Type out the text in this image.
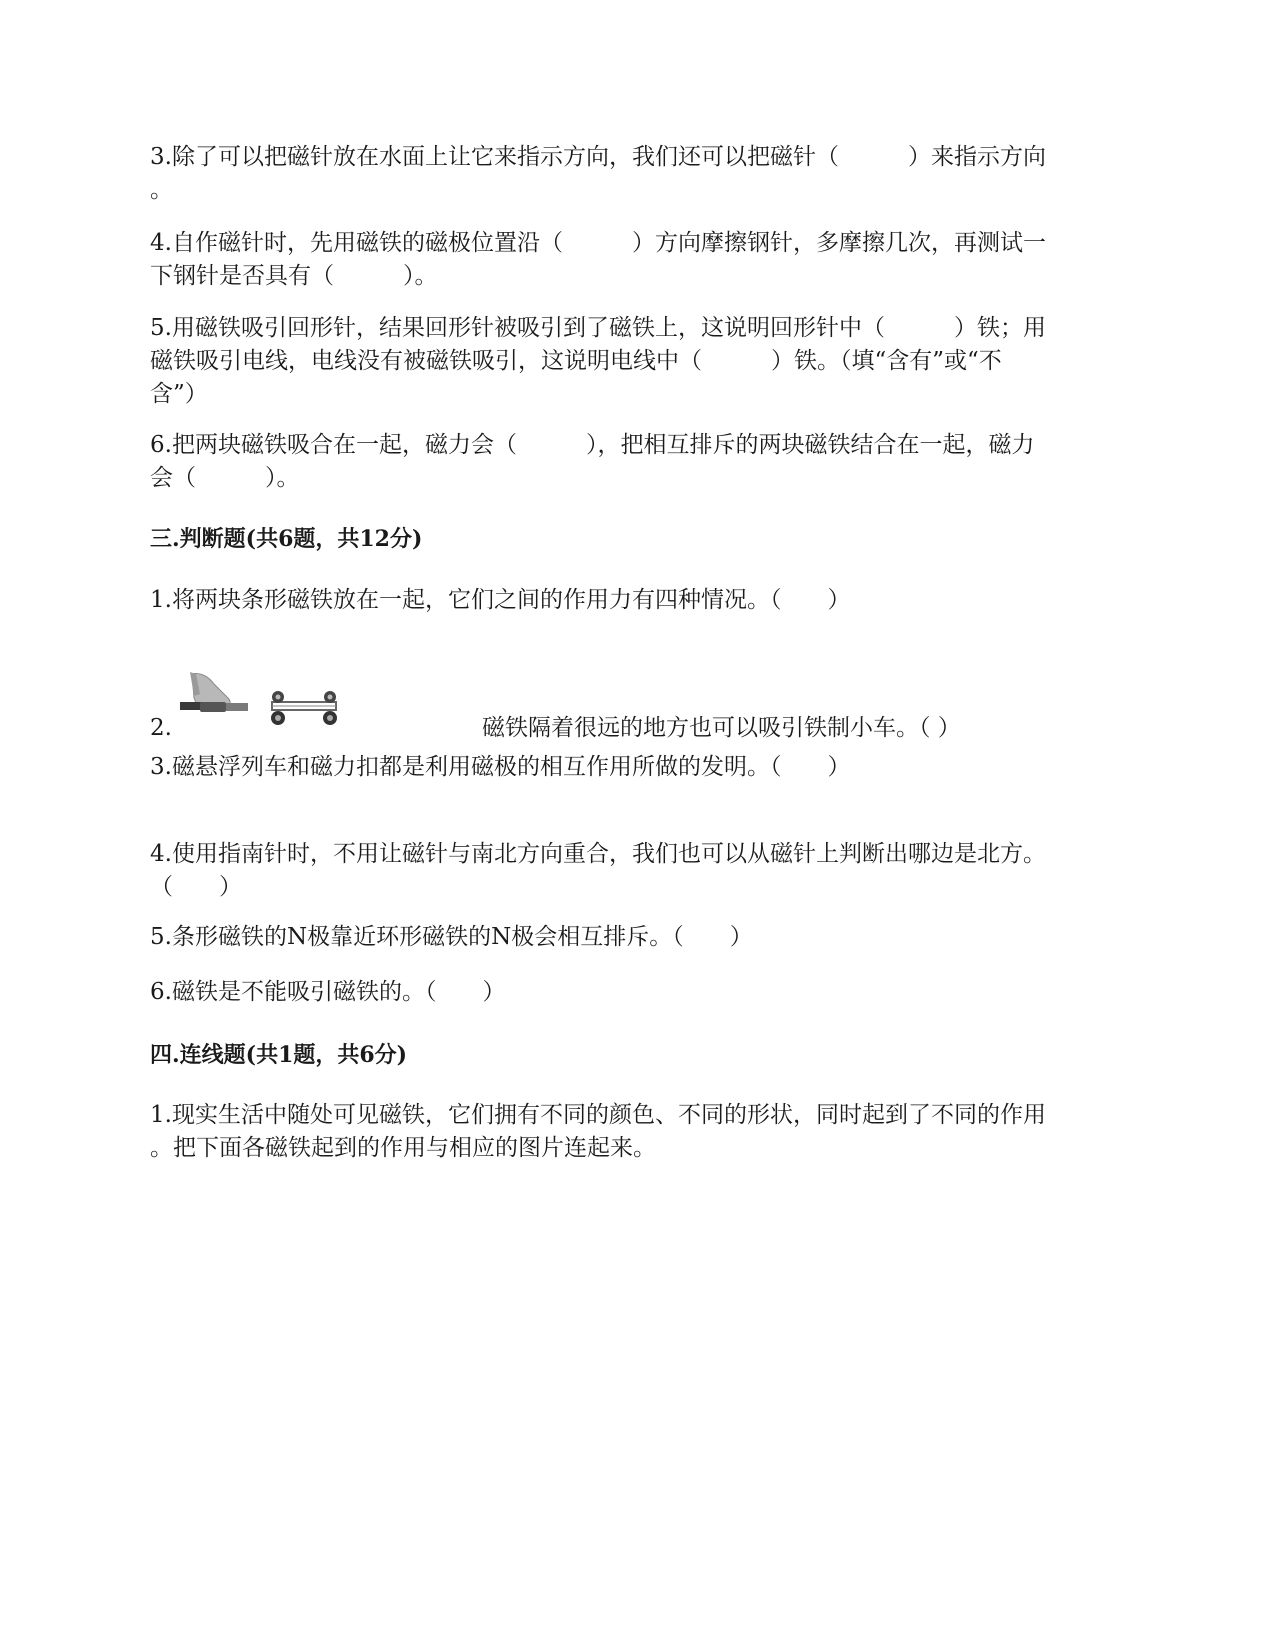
3.除了可以把磁针放在水面上让它来指示方向，我们还可以把磁针（　　　）来指示方向
。

4.自作磁针时，先用磁铁的磁极位置沿（　　　）方向摩擦钢针，多摩擦几次，再测试一
下钢针是否具有（　　　）。

5.用磁铁吸引回形针，结果回形针被吸引到了磁铁上，这说明回形针中（　　　）铁；用
磁铁吸引电线，电线没有被磁铁吸引，这说明电线中（　　　）铁。（填“含有”或“不
含”）

6.把两块磁铁吸合在一起，磁力会（　　　），把相互排斥的两块磁铁结合在一起，磁力
会（　　　）。

三.判断题(共6题，共12分)

1.将两块条形磁铁放在一起，它们之间的作用力有四种情况。（　　）

2.	磁铁隔着很远的地方也可以吸引铁制小车。（ ）

3.磁悬浮列车和磁力扣都是利用磁极的相互作用所做的发明。（　　）

4.使用指南针时，不用让磁针与南北方向重合，我们也可以从磁针上判断出哪边是北方。
（　　）

5.条形磁铁的N极靠近环形磁铁的N极会相互排斥。（　　）

6.磁铁是不能吸引磁铁的。（　　）

四.连线题(共1题，共6分)

1.现实生活中随处可见磁铁，它们拥有不同的颜色、不同的形状，同时起到了不同的作用
。把下面各磁铁起到的作用与相应的图片连起来。
